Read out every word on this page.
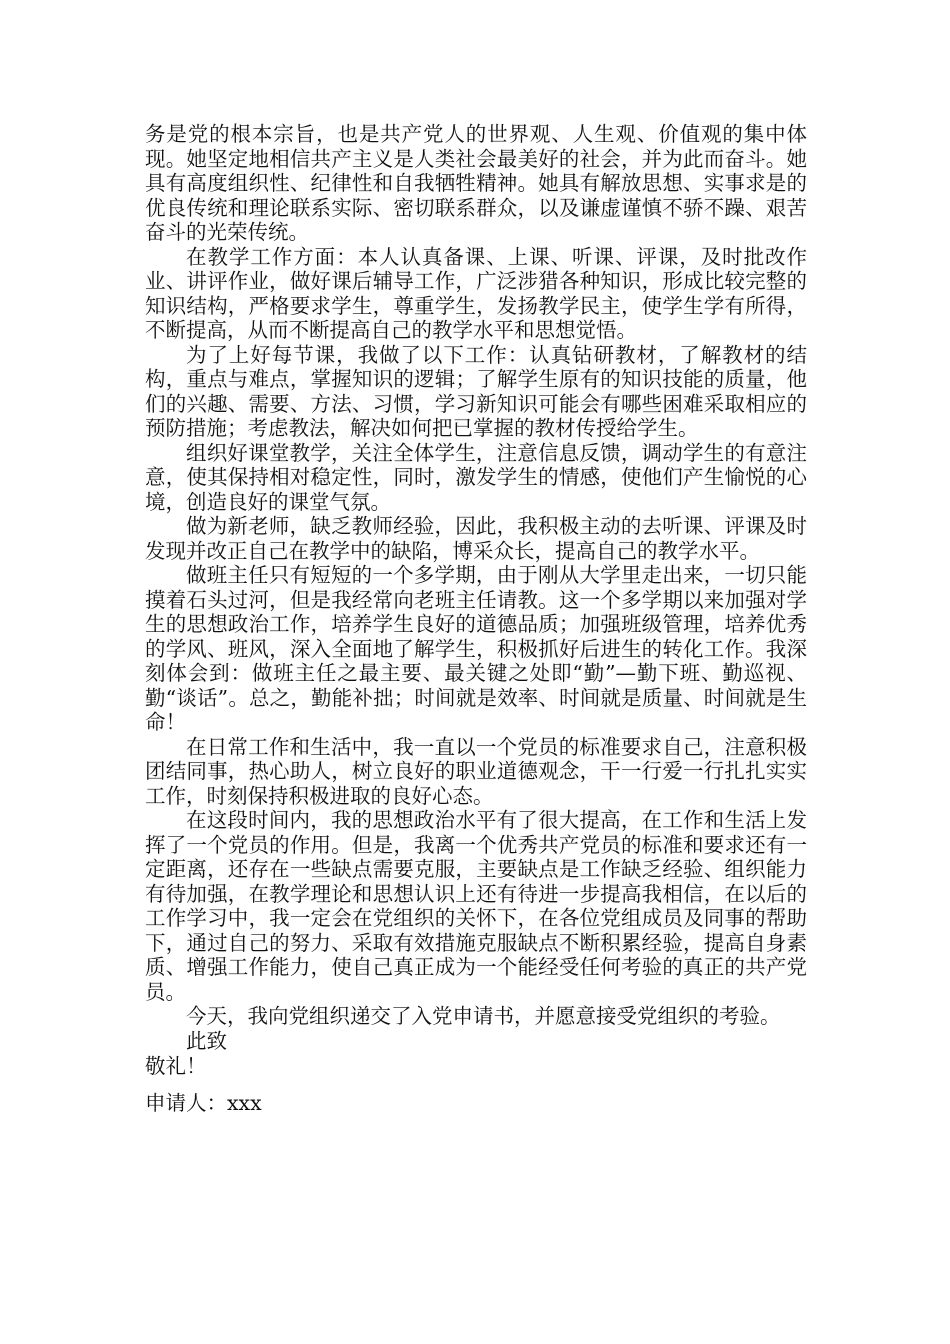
务是党的根本宗旨，也是共产党人的世界观、人生观、价值观的集中体现。她坚定地相信共产主义是人类社会最美好的社会，并为此而奋斗。她具有高度组织性、纪律性和自我牺牲精神。她具有解放思想、实事求是的优良传统和理论联系实际、密切联系群众，以及谦虚谨慎不骄不躁、艰苦奋斗的光荣传统。

在教学工作方面：本人认真备课、上课、听课、评课，及时批改作业、讲评作业，做好课后辅导工作，广泛涉猎各种知识，形成比较完整的知识结构，严格要求学生，尊重学生，发扬教学民主，使学生学有所得，不断提高，从而不断提高自己的教学水平和思想觉悟。

为了上好每节课，我做了以下工作：认真钻研教材，了解教材的结构，重点与难点，掌握知识的逻辑；了解学生原有的知识技能的质量，他们的兴趣、需要、方法、习惯，学习新知识可能会有哪些困难采取相应的预防措施；考虑教法，解决如何把已掌握的教材传授给学生。

组织好课堂教学，关注全体学生，注意信息反馈，调动学生的有意注意，使其保持相对稳定性，同时，激发学生的情感，使他们产生愉悦的心境，创造良好的课堂气氛。

做为新老师，缺乏教师经验，因此，我积极主动的去听课、评课及时发现并改正自己在教学中的缺陷，博采众长，提高自己的教学水平。

做班主任只有短短的一个多学期，由于刚从大学里走出来，一切只能摸着石头过河，但是我经常向老班主任请教。这一个多学期以来加强对学生的思想政治工作，培养学生良好的道德品质；加强班级管理，培养优秀的学风、班风，深入全面地了解学生，积极抓好后进生的转化工作。我深刻体会到：做班主任之最主要、最关键之处即“勤”—勤下班、勤巡视、勤“谈话”。总之，勤能补拙；时间就是效率、时间就是质量、时间就是生命！

在日常工作和生活中，我一直以一个党员的标准要求自己，注意积极团结同事，热心助人，树立良好的职业道德观念，干一行爱一行扎扎实实工作，时刻保持积极进取的良好心态。

在这段时间内，我的思想政治水平有了很大提高，在工作和生活上发挥了一个党员的作用。但是，我离一个优秀共产党员的标准和要求还有一定距离，还存在一些缺点需要克服，主要缺点是工作缺乏经验、组织能力有待加强，在教学理论和思想认识上还有待进一步提高我相信，在以后的工作学习中，我一定会在党组织的关怀下，在各位党组成员及同事的帮助下，通过自己的努力、采取有效措施克服缺点不断积累经验，提高自身素质、增强工作能力，使自己真正成为一个能经受任何考验的真正的共产党员。

今天，我向党组织递交了入党申请书，并愿意接受党组织的考验。

此致

敬礼！

申请人：xxx
